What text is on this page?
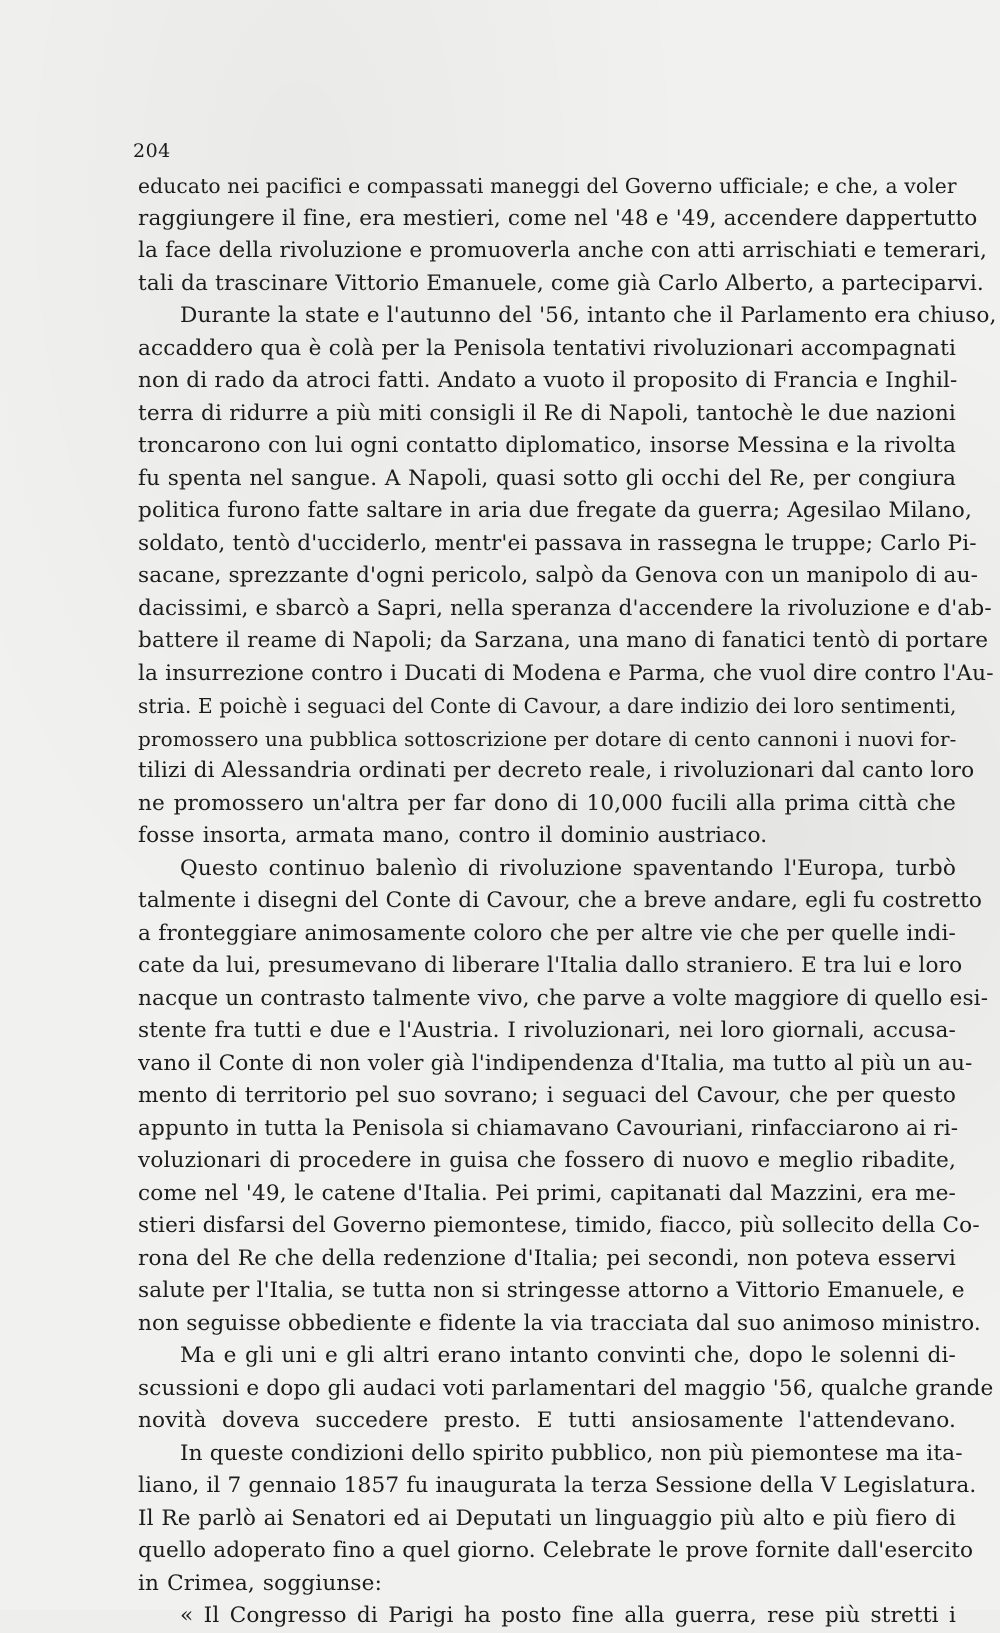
204
educato nei pacifici e compassati maneggi del Governo ufficiale; e che, a voler
raggiungere il fine, era mestieri, come nel '48 e '49, accendere dappertutto
la face della rivoluzione e promuoverla anche con atti arrischiati e temerari,
tali da trascinare Vittorio Emanuele, come già Carlo Alberto, a parteciparvi.
Durante la state e l'autunno del '56, intanto che il Parlamento era chiuso,
accaddero qua è colà per la Penisola tentativi rivoluzionari accompagnati
non di rado da atroci fatti. Andato a vuoto il proposito di Francia e Inghil-
terra di ridurre a più miti consigli il Re di Napoli, tantochè le due nazioni
troncarono con lui ogni contatto diplomatico, insorse Messina e la rivolta
fu spenta nel sangue. A Napoli, quasi sotto gli occhi del Re, per congiura
politica furono fatte saltare in aria due fregate da guerra; Agesilao Milano,
soldato, tentò d'ucciderlo, mentr'ei passava in rassegna le truppe; Carlo Pi-
sacane, sprezzante d'ogni pericolo, salpò da Genova con un manipolo di au-
dacissimi, e sbarcò a Sapri, nella speranza d'accendere la rivoluzione e d'ab-
battere il reame di Napoli; da Sarzana, una mano di fanatici tentò di portare
la insurrezione contro i Ducati di Modena e Parma, che vuol dire contro l'Au-
stria. E poichè i seguaci del Conte di Cavour, a dare indizio dei loro sentimenti,
promossero una pubblica sottoscrizione per dotare di cento cannoni i nuovi for-
tilizi di Alessandria ordinati per decreto reale, i rivoluzionari dal canto loro
ne promossero un'altra per far dono di 10,000 fucili alla prima città che
fosse insorta, armata mano, contro il dominio austriaco.
Questo continuo balenìo di rivoluzione spaventando l'Europa, turbò
talmente i disegni del Conte di Cavour, che a breve andare, egli fu costretto
a fronteggiare animosamente coloro che per altre vie che per quelle indi-
cate da lui, presumevano di liberare l'Italia dallo straniero. E tra lui e loro
nacque un contrasto talmente vivo, che parve a volte maggiore di quello esi-
stente fra tutti e due e l'Austria. I rivoluzionari, nei loro giornali, accusa-
vano il Conte di non voler già l'indipendenza d'Italia, ma tutto al più un au-
mento di territorio pel suo sovrano; i seguaci del Cavour, che per questo
appunto in tutta la Penisola si chiamavano Cavouriani, rinfacciarono ai ri-
voluzionari di procedere in guisa che fossero di nuovo e meglio ribadite,
come nel '49, le catene d'Italia. Pei primi, capitanati dal Mazzini, era me-
stieri disfarsi del Governo piemontese, timido, fiacco, più sollecito della Co-
rona del Re che della redenzione d'Italia; pei secondi, non poteva esservi
salute per l'Italia, se tutta non si stringesse attorno a Vittorio Emanuele, e
non seguisse obbediente e fidente la via tracciata dal suo animoso ministro.
Ma e gli uni e gli altri erano intanto convinti che, dopo le solenni di-
scussioni e dopo gli audaci voti parlamentari del maggio '56, qualche grande
novità doveva succedere presto. E tutti ansiosamente l'attendevano.
In queste condizioni dello spirito pubblico, non più piemontese ma ita-
liano, il 7 gennaio 1857 fu inaugurata la terza Sessione della V Legislatura.
Il Re parlò ai Senatori ed ai Deputati un linguaggio più alto e più fiero di
quello adoperato fino a quel giorno. Celebrate le prove fornite dall'esercito
in Crimea, soggiunse:
« Il Congresso di Parigi ha posto fine alla guerra, rese più stretti i
